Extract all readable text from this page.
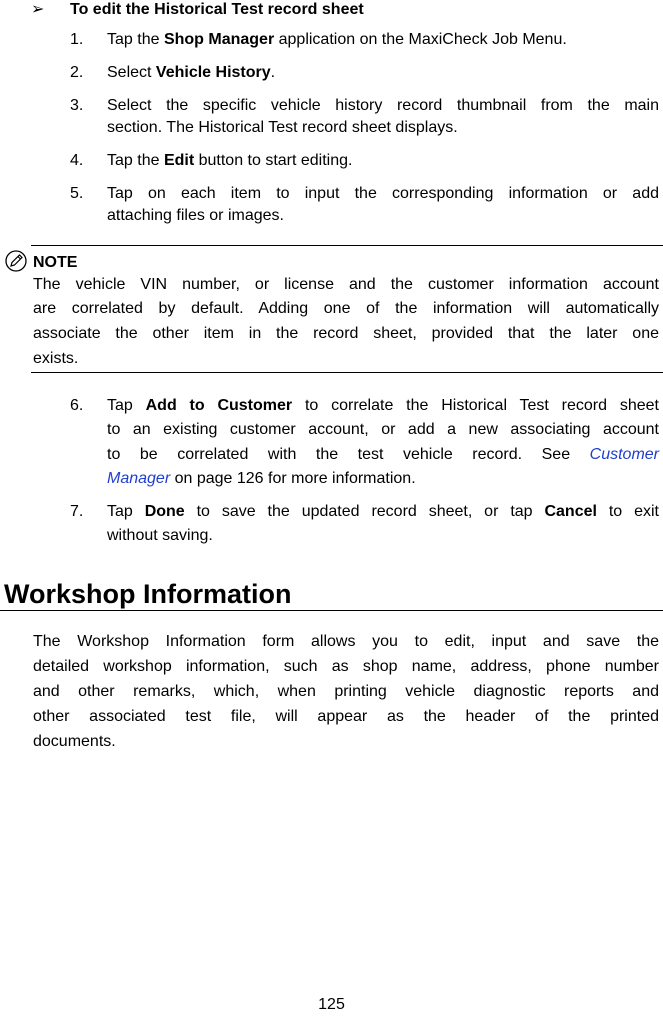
➢ To edit the Historical Test record sheet
1. Tap the Shop Manager application on the MaxiCheck Job Menu.
2. Select Vehicle History.
3. Select the specific vehicle history record thumbnail from the main
section. The Historical Test record sheet displays.
4. Tap the Edit button to start editing.
5. Tap on each item to input the corresponding information or add
attaching files or images.
NOTE
The vehicle VIN number, or license and the customer information account
are correlated by default. Adding one of the information will automatically
associate the other item in the record sheet, provided that the later one
exists.
6. Tap Add to Customer to correlate the Historical Test record sheet
to an existing customer account, or add a new associating account
to be correlated with the test vehicle record. See Customer
Manager on page 126 for more information.
7. Tap Done to save the updated record sheet, or tap Cancel to exit
without saving.
Workshop Information
The Workshop Information form allows you to edit, input and save the
detailed workshop information, such as shop name, address, phone number
and other remarks, which, when printing vehicle diagnostic reports and
other associated test file, will appear as the header of the printed
documents.
125
